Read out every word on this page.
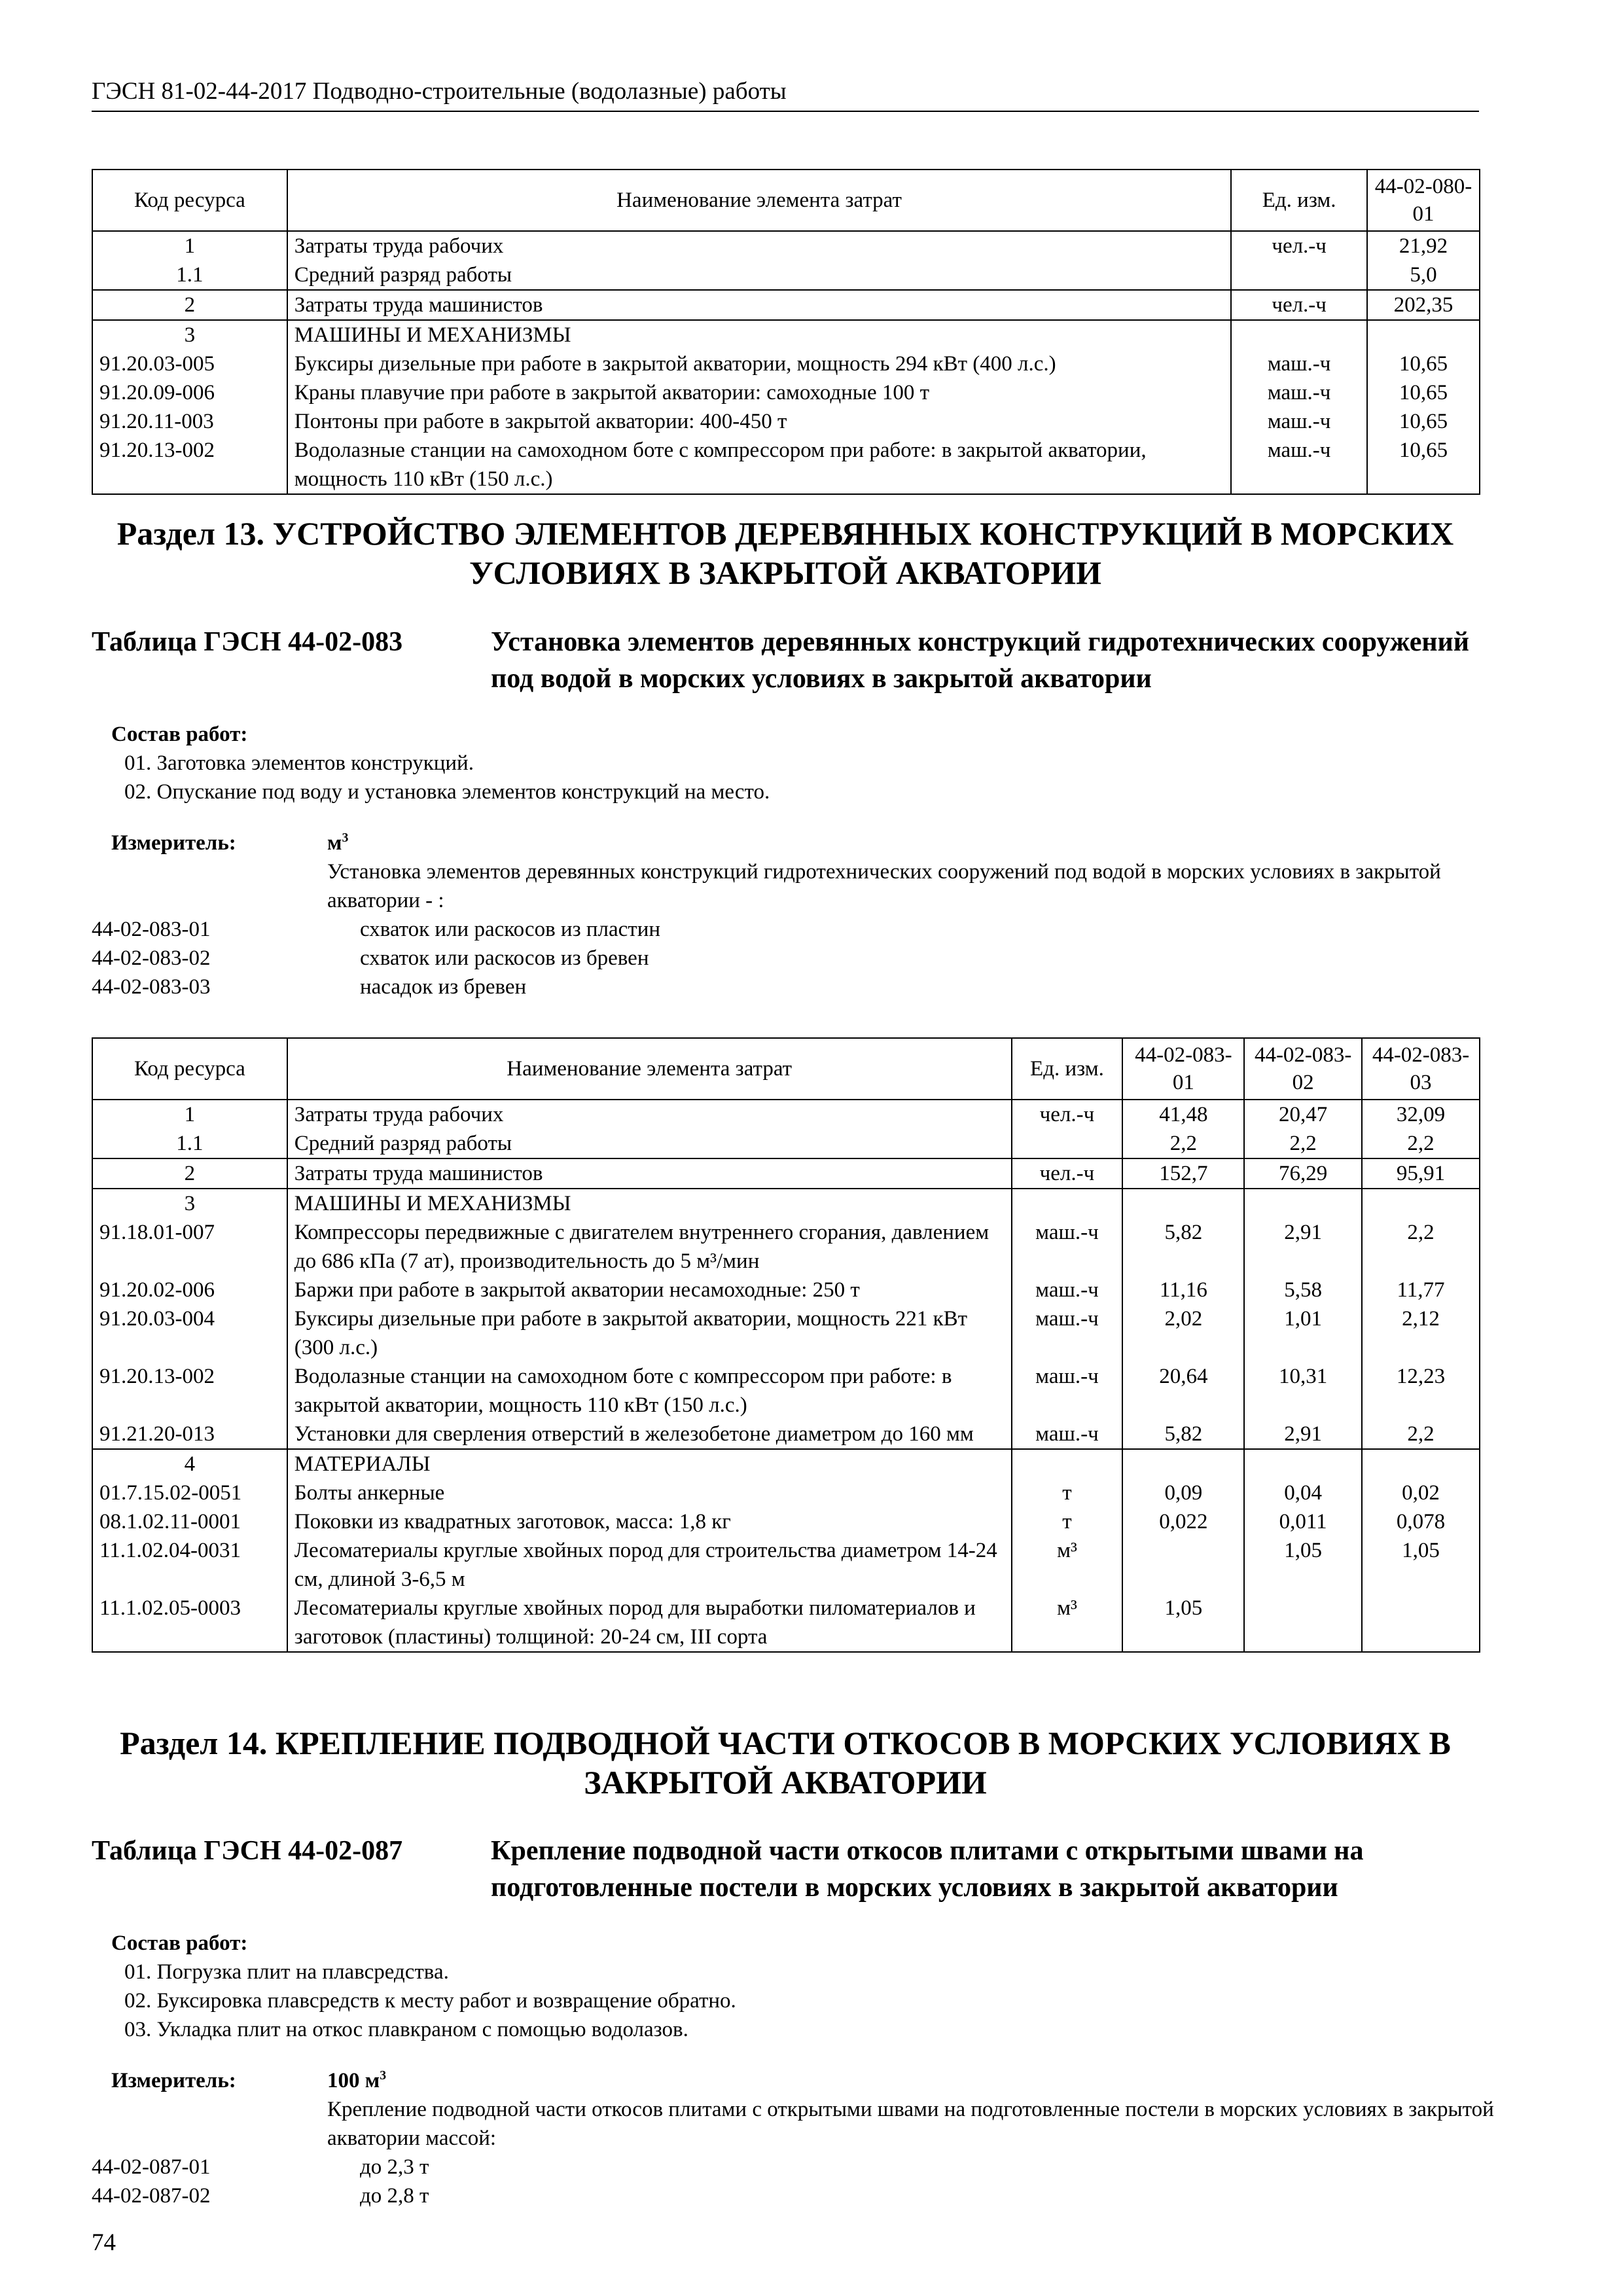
ГЭСН 81-02-44-2017 Подводно-строительные (водолазные) работы
Код ресурса	Наименование элемента затрат	Ед. изм.	44-02-080-01
1	Затраты труда рабочих	чел.-ч	21,92
1.1	Средний разряд работы		5,0
2	Затраты труда машинистов	чел.-ч	202,35
3	МАШИНЫ И МЕХАНИЗМЫ		
91.20.03-005	Буксиры дизельные при работе в закрытой акватории, мощность 294 кВт (400 л.с.)	маш.-ч	10,65
91.20.09-006	Краны плавучие при работе в закрытой акватории: самоходные 100 т	маш.-ч	10,65
91.20.11-003	Понтоны при работе в закрытой акватории: 400-450 т	маш.-ч	10,65
91.20.13-002	Водолазные станции на самоходном боте с компрессором при работе: в закрытой акватории, мощность 110 кВт (150 л.с.)	маш.-ч	10,65
Раздел 13. УСТРОЙСТВО ЭЛЕМЕНТОВ ДЕРЕВЯННЫХ КОНСТРУКЦИЙ В МОРСКИХ УСЛОВИЯХ В ЗАКРЫТОЙ АКВАТОРИИ
Таблица ГЭСН 44-02-083	Установка элементов деревянных конструкций гидротехнических сооружений под водой в морских условиях в закрытой акватории
Состав работ:
01. Заготовка элементов конструкций.
02. Опускание под воду и установка элементов конструкций на место.
Измеритель:	$м^3$
Установка элементов деревянных конструкций гидротехнических сооружений под водой в морских условиях в закрытой акватории - :
44-02-083-01	схваток или раскосов из пластин
44-02-083-02	схваток или раскосов из бревен
44-02-083-03	насадок из бревен
Код ресурса	Наименование элемента затрат	Ед. изм.	44-02-083-01	44-02-083-02	44-02-083-03
1	Затраты труда рабочих	чел.-ч	41,48	20,47	32,09
1.1	Средний разряд работы		2,2	2,2	2,2
2	Затраты труда машинистов	чел.-ч	152,7	76,29	95,91
3	МАШИНЫ И МЕХАНИЗМЫ				
91.18.01-007	Компрессоры передвижные с двигателем внутреннего сгорания, давлением до 686 кПа (7 ат), производительность до 5 м³/мин	маш.-ч	5,82	2,91	2,2
91.20.02-006	Баржи при работе в закрытой акватории несамоходные: 250 т	маш.-ч	11,16	5,58	11,77
91.20.03-004	Буксиры дизельные при работе в закрытой акватории, мощность 221 кВт (300 л.с.)	маш.-ч	2,02	1,01	2,12
91.20.13-002	Водолазные станции на самоходном боте с компрессором при работе: в закрытой акватории, мощность 110 кВт (150 л.с.)	маш.-ч	20,64	10,31	12,23
91.21.20-013	Установки для сверления отверстий в железобетоне диаметром до 160 мм	маш.-ч	5,82	2,91	2,2
4	МАТЕРИАЛЫ				
01.7.15.02-0051	Болты анкерные	т	0,09	0,04	0,02
08.1.02.11-0001	Поковки из квадратных заготовок, масса: 1,8 кг	т	0,022	0,011	0,078
11.1.02.04-0031	Лесоматериалы круглые хвойных пород для строительства диаметром 14-24 см, длиной 3-6,5 м	м³		1,05	1,05
11.1.02.05-0003	Лесоматериалы круглые хвойных пород для выработки пиломатериалов и заготовок (пластины) толщиной: 20-24 см, III сорта	м³	1,05		
Раздел 14. КРЕПЛЕНИЕ ПОДВОДНОЙ ЧАСТИ ОТКОСОВ В МОРСКИХ УСЛОВИЯХ В ЗАКРЫТОЙ АКВАТОРИИ
Таблица ГЭСН 44-02-087	Крепление подводной части откосов плитами с открытыми швами на подготовленные постели в морских условиях в закрытой акватории
Состав работ:
01. Погрузка плит на плавсредства.
02. Буксировка плавсредств к месту работ и возвращение обратно.
03. Укладка плит на откос плавкраном с помощью водолазов.
Измеритель:	100 $м^3$
Крепление подводной части откосов плитами с открытыми швами на подготовленные постели в морских условиях в закрытой акватории массой:
44-02-087-01	до 2,3 т
44-02-087-02	до 2,8 т
74
